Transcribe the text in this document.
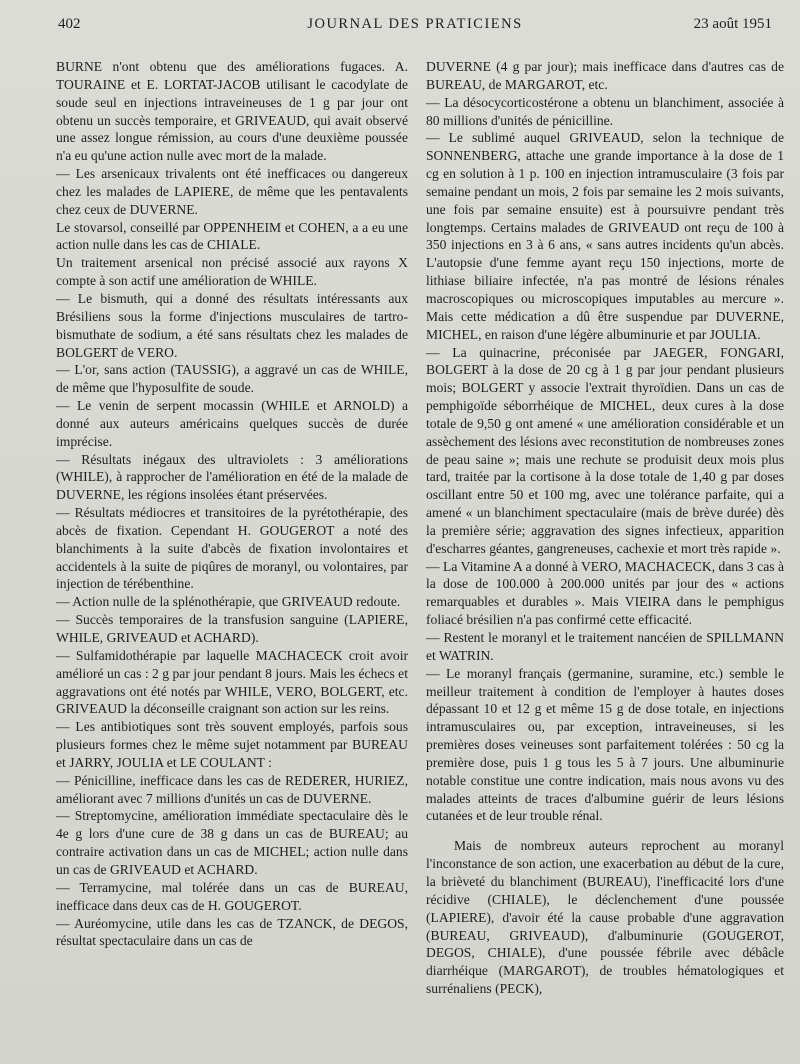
402	JOURNAL DES PRATICIENS	23 août 1951

BURNE n'ont obtenu que des améliorations fugaces. A. TOURAINE et E. LORTAT-JACOB utilisant le cacodylate de soude seul en injections intraveineuses de 1 g par jour ont obtenu un succès temporaire, et GRIVEAUD, qui avait observé une assez longue rémission, au cours d'une deuxième poussée n'a eu qu'une action nulle avec mort de la malade.

— Les arsenicaux trivalents ont été inefficaces ou dangereux chez les malades de LAPIERE, de même que les pentavalents chez ceux de DUVERNE.

Le stovarsol, conseillé par OPPENHEIM et COHEN, a a eu une action nulle dans les cas de CHIALE.

Un traitement arsenical non précisé associé aux rayons X compte à son actif une amélioration de WHILE.

— Le bismuth, qui a donné des résultats intéressants aux Brésiliens sous la forme d'injections musculaires de tartro-bismuthate de sodium, a été sans résultats chez les malades de BOLGERT de VERO.

— L'or, sans action (TAUSSIG), a aggravé un cas de WHILE, de même que l'hyposulfite de soude.

— Le venin de serpent mocassin (WHILE et ARNOLD) a donné aux auteurs américains quelques succès de durée imprécise.

— Résultats inégaux des ultraviolets : 3 améliorations (WHILE), à rapprocher de l'amélioration en été de la malade de DUVERNE, les régions insolées étant préservées.

— Résultats médiocres et transitoires de la pyrétothérapie, des abcès de fixation. Cependant H. GOUGEROT a noté des blanchiments à la suite d'abcès de fixation involontaires et accidentels à la suite de piqûres de moranyl, ou volontaires, par injection de térébenthine.

— Action nulle de la splénothérapie, que GRIVEAUD redoute.

— Succès temporaires de la transfusion sanguine (LAPIERE, WHILE, GRIVEAUD et ACHARD).

— Sulfamidothérapie par laquelle MACHACECK croit avoir amélioré un cas : 2 g par jour pendant 8 jours. Mais les échecs et aggravations ont été notés par WHILE, VERO, BOLGERT, etc. GRIVEAUD la déconseille craignant son action sur les reins.

— Les antibiotiques sont très souvent employés, parfois sous plusieurs formes chez le même sujet notamment par BUREAU et JARRY, JOULIA et LE COULANT :

— Pénicilline, inefficace dans les cas de REDERER, HURIEZ, améliorant avec 7 millions d'unités un cas de DUVERNE.

— Streptomycine, amélioration immédiate spectaculaire dès le 4e g lors d'une cure de 38 g dans un cas de BUREAU; au contraire activation dans un cas de MICHEL; action nulle dans un cas de GRIVEAUD et ACHARD.

— Terramycine, mal tolérée dans un cas de BUREAU, inefficace dans deux cas de H. GOUGEROT.

— Auréomycine, utile dans les cas de TZANCK, de DEGOS, résultat spectaculaire dans un cas de

DUVERNE (4 g par jour); mais inefficace dans d'autres cas de BUREAU, de MARGAROT, etc.

— La désocycorticostérone a obtenu un blanchiment, associée à 80 millions d'unités de pénicilline.

— Le sublimé auquel GRIVEAUD, selon la technique de SONNENBERG, attache une grande importance à la dose de 1 cg en solution à 1 p. 100 en injection intramusculaire (3 fois par semaine pendant un mois, 2 fois par semaine les 2 mois suivants, une fois par semaine ensuite) est à poursuivre pendant très longtemps. Certains malades de GRIVEAUD ont reçu de 100 à 350 injections en 3 à 6 ans, « sans autres incidents qu'un abcès. L'autopsie d'une femme ayant reçu 150 injections, morte de lithiase biliaire infectée, n'a pas montré de lésions rénales macroscopiques ou microscopiques imputables au mercure ». Mais cette médication a dû être suspendue par DUVERNE, MICHEL, en raison d'une légère albuminurie et par JOULIA.

— La quinacrine, préconisée par JAEGER, FONGARI, BOLGERT à la dose de 20 cg à 1 g par jour pendant plusieurs mois; BOLGERT y associe l'extrait thyroïdien. Dans un cas de pemphigoïde séborrhéique de MICHEL, deux cures à la dose totale de 9,50 g ont amené « une amélioration considérable et un assèchement des lésions avec reconstitution de nombreuses zones de peau saine »; mais une rechute se produisit deux mois plus tard, traitée par la cortisone à la dose totale de 1,40 g par doses oscillant entre 50 et 100 mg, avec une tolérance parfaite, qui a amené « un blanchiment spectaculaire (mais de brève durée) dès la première série; aggravation des signes infectieux, apparition d'escharres géantes, gangreneuses, cachexie et mort très rapide ».

— La Vitamine A a donné à VERO, MACHACECK, dans 3 cas à la dose de 100.000 à 200.000 unités par jour des « actions remarquables et durables ». Mais VIEIRA dans le pemphigus foliacé brésilien n'a pas confirmé cette efficacité.

— Restent le moranyl et le traitement nancéien de SPILLMANN et WATRIN.

— Le moranyl français (germanine, suramine, etc.) semble le meilleur traitement à condition de l'employer à hautes doses dépassant 10 et 12 g et même 15 g de dose totale, en injections intramusculaires ou, par exception, intraveineuses, si les premières doses veineuses sont parfaitement tolérées : 50 cg la première dose, puis 1 g tous les 5 à 7 jours. Une albuminurie notable constitue une contre indication, mais nous avons vu des malades atteints de traces d'albumine guérir de leurs lésions cutanées et de leur trouble rénal.

Mais de nombreux auteurs reprochent au moranyl l'inconstance de son action, une exacerbation au début de la cure, la brièveté du blanchiment (BUREAU), l'inefficacité lors d'une récidive (CHIALE), le déclenchement d'une poussée (LAPIERE), d'avoir été la cause probable d'une aggravation (BUREAU, GRIVEAUD), d'albuminurie (GOUGEROT, DEGOS, CHIALE), d'une poussée fébrile avec débâcle diarrhéique (MARGAROT), de troubles hématologiques et surrénaliens (PECK),
